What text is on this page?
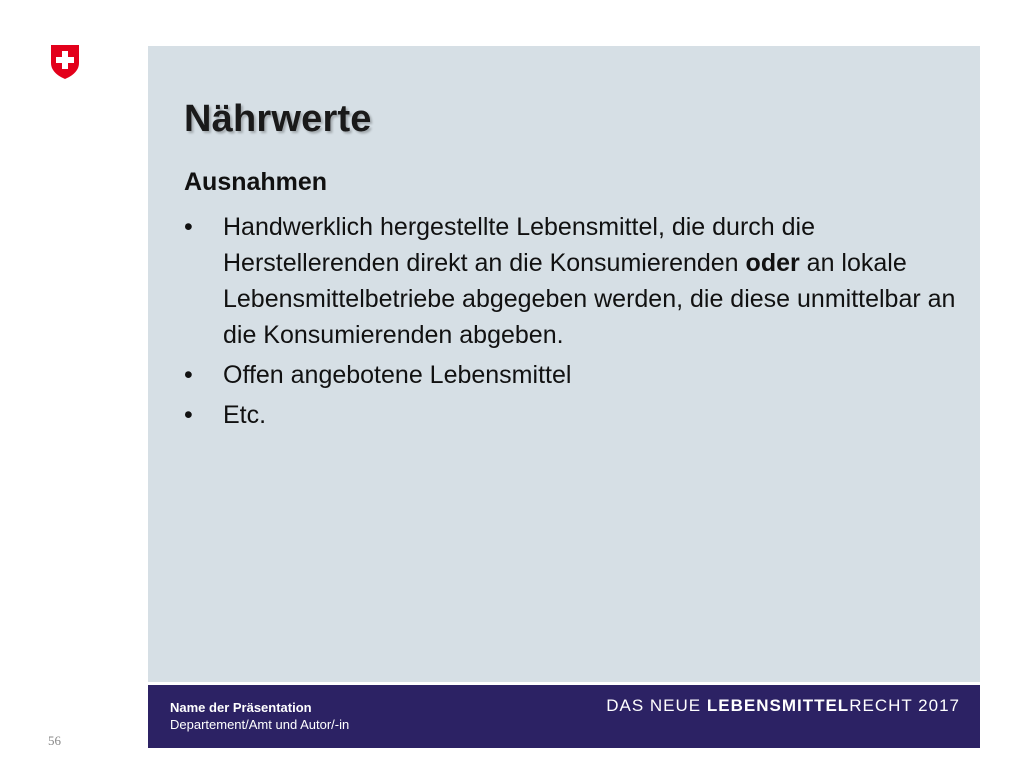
Nährwerte
Ausnahmen
• Handwerklich hergestellte Lebensmittel, die durch die Herstellerenden direkt an die Konsumierenden oder an lokale Lebensmittelbetriebe abgegeben werden, die diese unmittelbar an die Konsumierenden abgeben.
• Offen angebotene Lebensmittel
• Etc.
Name der Präsentation
Departement/Amt und Autor/-in
DAS NEUE LEBENSMITTELRECHT 2017
56
